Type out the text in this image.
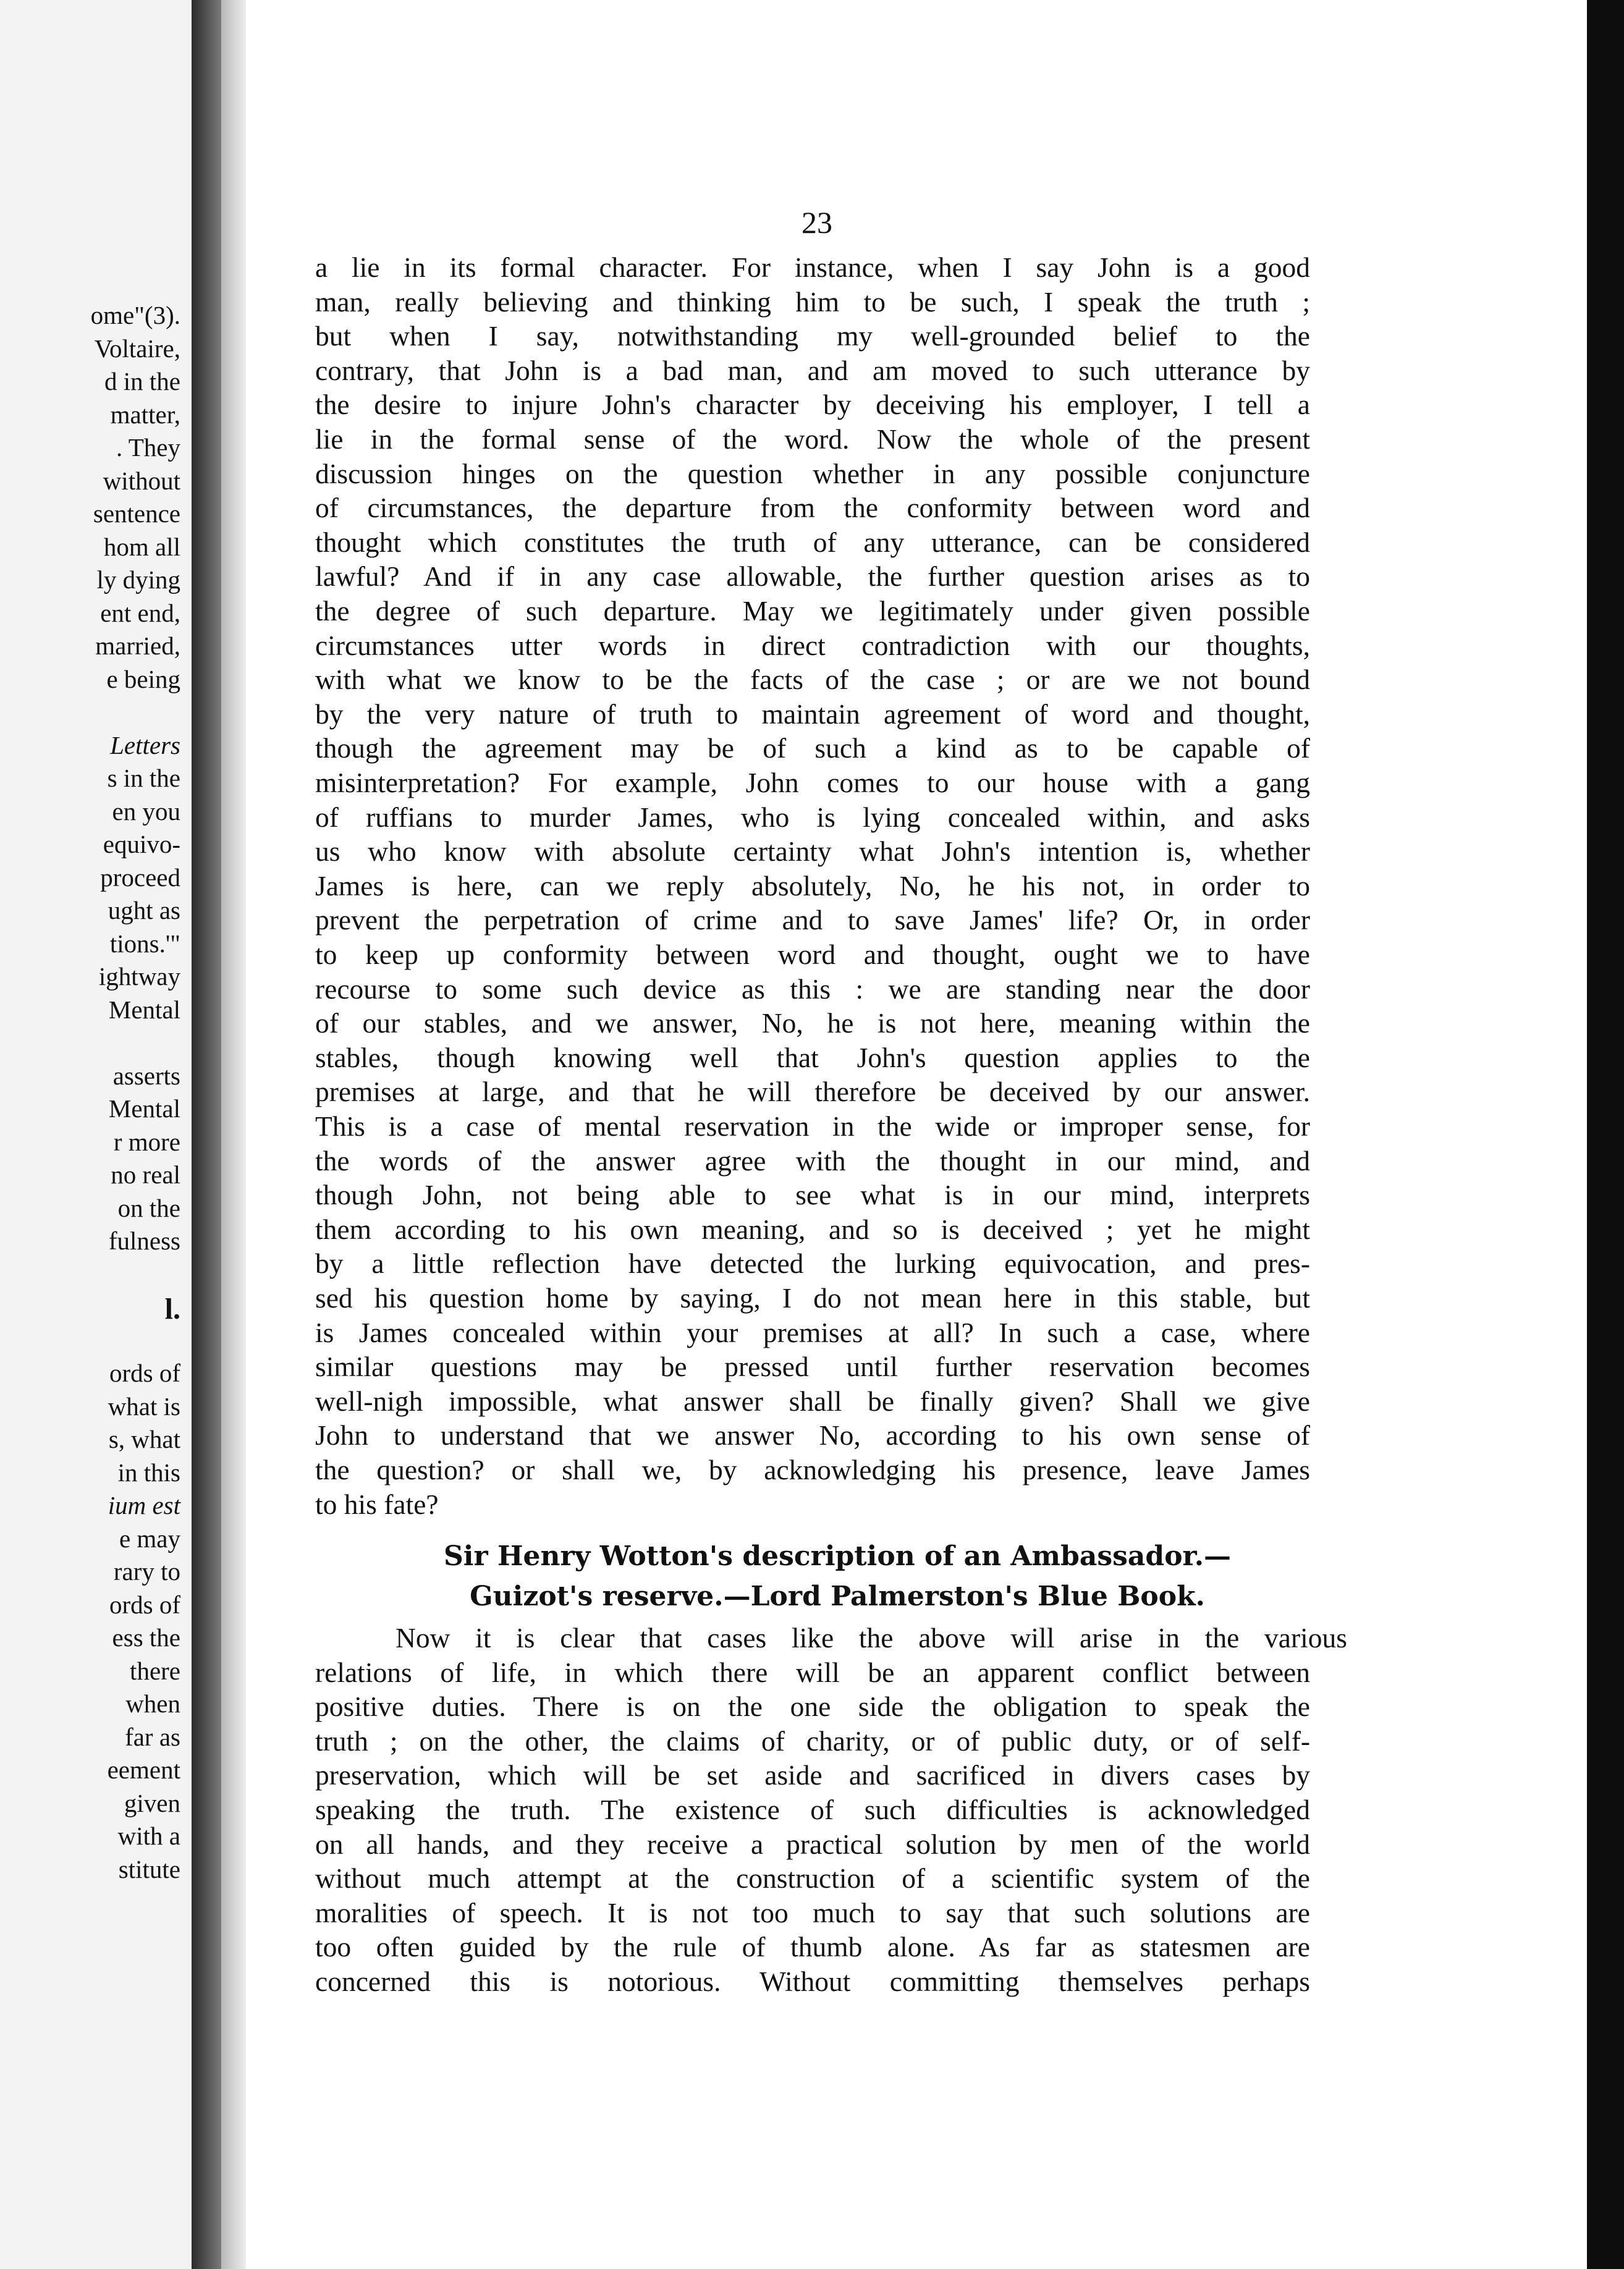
ome"(3).
Voltaire,
d in the
matter,
. They
without
sentence
hom all
ly dying
ent end,
married,
e being
Letters
s in the
en you
equivo-
proceed
ught as
tions.'"
ightway
Mental
asserts
Mental
r more
no real
on the
fulness
l.
ords of
what is
s, what
in this
ium est
e may
rary to
ords of
ess the
there
when
far as
eement
given
with a
stitute
23
a lie in its formal character. For instance, when I say John is a good
man, really believing and thinking him to be such, I speak the truth ;
but when I say, notwithstanding my well-grounded belief to the
contrary, that John is a bad man, and am moved to such utterance by
the desire to injure John's character by deceiving his employer, I tell a
lie in the formal sense of the word. Now the whole of the present
discussion hinges on the question whether in any possible conjuncture
of circumstances, the departure from the conformity between word and
thought which constitutes the truth of any utterance, can be considered
lawful? And if in any case allowable, the further question arises as to
the degree of such departure. May we legitimately under given possible
circumstances utter words in direct contradiction with our thoughts,
with what we know to be the facts of the case ; or are we not bound
by the very nature of truth to maintain agreement of word and thought,
though the agreement may be of such a kind as to be capable of
misinterpretation? For example, John comes to our house with a gang
of ruffians to murder James, who is lying concealed within, and asks
us who know with absolute certainty what John's intention is, whether
James is here, can we reply absolutely, No, he his not, in order to
prevent the perpetration of crime and to save James' life? Or, in order
to keep up conformity between word and thought, ought we to have
recourse to some such device as this : we are standing near the door
of our stables, and we answer, No, he is not here, meaning within the
stables, though knowing well that John's question applies to the
premises at large, and that he will therefore be deceived by our answer.
This is a case of mental reservation in the wide or improper sense, for
the words of the answer agree with the thought in our mind, and
though John, not being able to see what is in our mind, interprets
them according to his own meaning, and so is deceived ; yet he might
by a little reflection have detected the lurking equivocation, and pres-
sed his question home by saying, I do not mean here in this stable, but
is James concealed within your premises at all? In such a case, where
similar questions may be pressed until further reservation becomes
well-nigh impossible, what answer shall be finally given? Shall we give
John to understand that we answer No, according to his own sense of
the question? or shall we, by acknowledging his presence, leave James
to his fate?
Sir Henry Wotton's description of an Ambassador.—
Guizot's reserve.—Lord Palmerston's Blue Book.
Now it is clear that cases like the above will arise in the various
relations of life, in which there will be an apparent conflict between
positive duties. There is on the one side the obligation to speak the
truth ; on the other, the claims of charity, or of public duty, or of self-
preservation, which will be set aside and sacrificed in divers cases by
speaking the truth. The existence of such difficulties is acknowledged
on all hands, and they receive a practical solution by men of the world
without much attempt at the construction of a scientific system of the
moralities of speech. It is not too much to say that such solutions are
too often guided by the rule of thumb alone. As far as statesmen are
concerned this is notorious. Without committing themselves perhaps
